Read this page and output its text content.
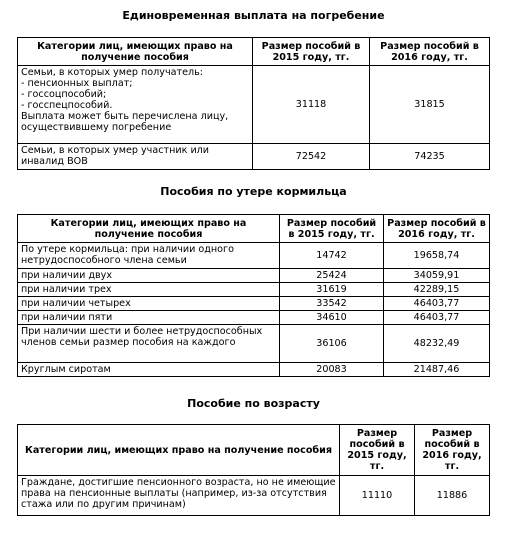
Единовременная выплата на погребение
Категории лиц, имеющих право на получение пособия	Размер пособий в 2015 году, тг.	Размер пособий в 2016 году, тг.
Семьи, в которых умер получатель:
- пенсионных выплат;
- госсоцпособий;
- госспецпособий.
Выплата может быть перечислена лицу, осуществившему погребение	31118	31815
Семьи, в которых умер участник или инвалид ВОВ	72542	74235
Пособия по утере кормильца
Категории лиц, имеющих право на получение пособия	Размер пособий в 2015 году, тг.	Размер пособий в 2016 году, тг.
По утере кормильца: при наличии одного нетрудоспособного члена семьи	14742	19658,74
при наличии двух	25424	34059,91
при наличии трех	31619	42289,15
при наличии четырех	33542	46403,77
при наличии пяти	34610	46403,77
При наличии шести и более нетрудоспособных членов семьи размер пособия на каждого	36106	48232,49
Круглым сиротам	20083	21487,46
Пособие по возрасту
Категории лиц, имеющих право на получение пособия	Размер пособий в 2015 году, тг.	Размер пособий в 2016 году, тг.
Граждане, достигшие пенсионного возраста, но не имеющие права на пенсионные выплаты (например, из-за отсутствия стажа или по другим причинам)	11110	11886
